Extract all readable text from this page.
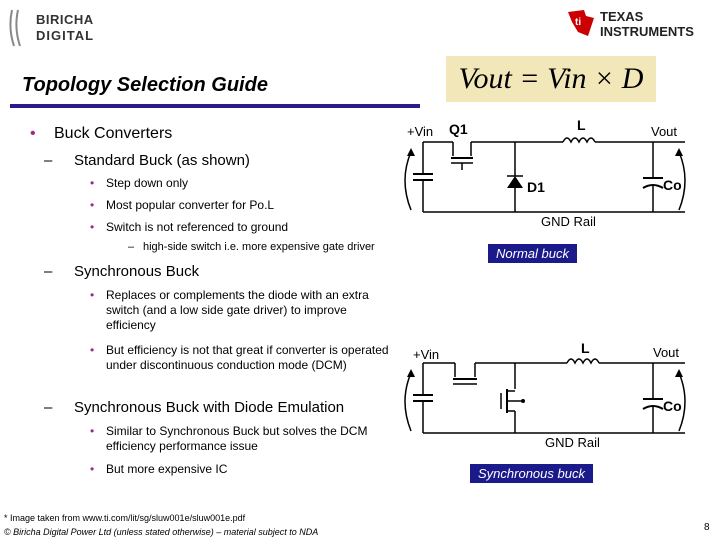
BIRICHA
DIGITAL
ti TEXAS
INSTRUMENTS
Topology Selection Guide	Vout = Vin × D
• Buck Converters
– Standard Buck (as shown)
• Step down only
• Most popular converter for Po.L
• Switch is not referenced to ground
– high-side switch i.e. more expensive gate driver
– Synchronous Buck
• Replaces or complements the diode with an extra switch (and a low side gate driver) to improve efficiency
• But efficiency is not that great if converter is operated under discontinuous conduction mode (DCM)
– Synchronous Buck with Diode Emulation
• Similar to Synchronous Buck but solves the DCM efficiency performance issue
• But more expensive IC
+Vin Q1	L	Vout
D1	Co
GND Rail
Normal buck
+Vin	L	Vout
Co
GND Rail
Synchronous buck
* Image taken from www.ti.com/lit/sg/sluw001e/sluw001e.pdf
© Biricha Digital Power Ltd (unless stated otherwise) – material subject to NDA	8
